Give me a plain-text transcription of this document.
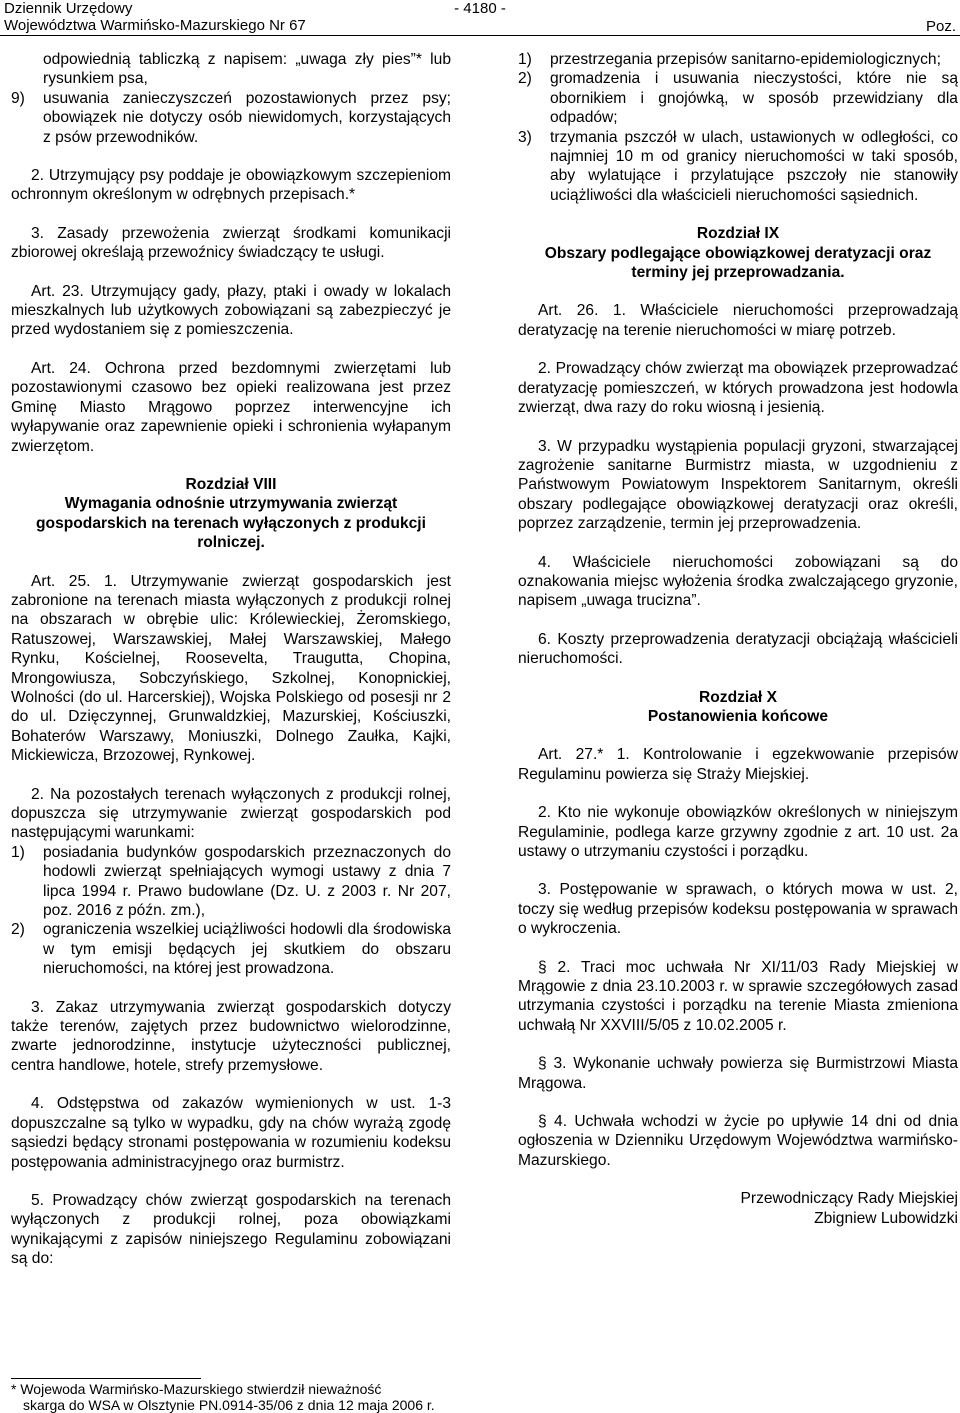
Dziennik Urzędowy
Województwa Warmińsko-Mazurskiego Nr 67
- 4180 -
Poz.

odpowiednią tabliczką z napisem: „uwaga zły pies”* lub rysunkiem psa,

9)	usuwania zanieczyszczeń pozostawionych przez psy; obowiązek nie dotyczy osób niewidomych, korzystających z psów przewodników.

2. Utrzymujący psy poddaje je obowiązkowym szczepieniom ochronnym określonym w odrębnych przepisach.*

3. Zasady przewożenia zwierząt środkami komunikacji zbiorowej określają przewoźnicy świadczący te usługi.

Art. 23. Utrzymujący gady, płazy, ptaki i owady w lokalach mieszkalnych lub użytkowych zobowiązani są zabezpieczyć je przed wydostaniem się z pomieszczenia.

Art. 24. Ochrona przed bezdomnymi zwierzętami lub pozostawionymi czasowo bez opieki realizowana jest przez Gminę Miasto Mrągowo poprzez interwencyjne ich wyłapywanie oraz zapewnienie opieki i schronienia wyłapanym zwierzętom.

Rozdział VIII
Wymagania odnośnie utrzymywania zwierząt gospodarskich na terenach wyłączonych z produkcji rolniczej.

Art. 25. 1. Utrzymywanie zwierząt gospodarskich jest zabronione na terenach miasta wyłączonych z produkcji rolnej na obszarach w obrębie ulic: Królewieckiej, Żeromskiego, Ratuszowej, Warszawskiej, Małej Warszawskiej, Małego Rynku, Kościelnej, Roosevelta, Traugutta, Chopina, Mrongowiusza, Sobczyńskiego, Szkolnej, Konopnickiej, Wolności (do ul. Harcerskiej), Wojska Polskiego od posesji nr 2 do ul. Dzięczynnej, Grunwaldzkiej, Mazurskiej, Kościuszki, Bohaterów Warszawy, Moniuszki, Dolnego Zaułka, Kajki, Mickiewicza, Brzozowej, Rynkowej.

2. Na pozostałych terenach wyłączonych z produkcji rolnej, dopuszcza się utrzymywanie zwierząt gospodarskich pod następującymi warunkami:

1)	posiadania budynków gospodarskich przeznaczonych do hodowli zwierząt spełniających wymogi ustawy z dnia 7 lipca 1994 r. Prawo budowlane (Dz. U. z 2003 r. Nr 207, poz. 2016 z późn. zm.),
2)	ograniczenia wszelkiej uciążliwości hodowli dla środowiska w tym emisji będących jej skutkiem do obszaru nieruchomości, na której jest prowadzona.

3. Zakaz utrzymywania zwierząt gospodarskich dotyczy także terenów, zajętych przez budownictwo wielorodzinne, zwarte jednorodzinne, instytucje użyteczności publicznej, centra handlowe, hotele, strefy przemysłowe.

4. Odstępstwa od zakazów wymienionych w ust. 1-3 dopuszczalne są tylko w wypadku, gdy na chów wyrażą zgodę sąsiedzi będący stronami postępowania w rozumieniu kodeksu postępowania administracyjnego oraz burmistrz.

5. Prowadzący chów zwierząt gospodarskich na terenach wyłączonych z produkcji rolnej, poza obowiązkami wynikającymi z zapisów niniejszego Regulaminu zobowiązani są do:

1)	przestrzegania przepisów sanitarno-epidemiologicznych;
2)	gromadzenia i usuwania nieczystości, które nie są obornikiem i gnojówką, w sposób przewidziany dla odpadów;
3)	trzymania pszczół w ulach, ustawionych w odległości, co najmniej 10 m od granicy nieruchomości w taki sposób, aby wylatujące i przylatujące pszczoły nie stanowiły uciążliwości dla właścicieli nieruchomości sąsiednich.
Rozdział IX
Obszary podlegające obowiązkowej deratyzacji oraz terminy jej przeprowadzania.

Art. 26. 1. Właściciele nieruchomości przeprowadzają deratyzację na terenie nieruchomości w miarę potrzeb.

2. Prowadzący chów zwierząt ma obowiązek przeprowadzać deratyzację pomieszczeń, w których prowadzona jest hodowla zwierząt, dwa razy do roku wiosną i jesienią.

3. W przypadku wystąpienia populacji gryzoni, stwarzającej zagrożenie sanitarne Burmistrz miasta, w uzgodnieniu z Państwowym Powiatowym Inspektorem Sanitarnym, określi obszary podlegające obowiązkowej deratyzacji oraz określi, poprzez zarządzenie, termin jej przeprowadzenia.

4. Właściciele nieruchomości zobowiązani są do oznakowania miejsc wyłożenia środka zwalczającego gryzonie, napisem „uwaga trucizna”.

6. Koszty przeprowadzenia deratyzacji obciążają właścicieli nieruchomości.

Rozdział X
Postanowienia końcowe

Art. 27.* 1. Kontrolowanie i egzekwowanie przepisów Regulaminu powierza się Straży Miejskiej.

2. Kto nie wykonuje obowiązków określonych w niniejszym Regulaminie, podlega karze grzywny zgodnie z art. 10 ust. 2a ustawy o utrzymaniu czystości i porządku.

3. Postępowanie w sprawach, o których mowa w ust. 2, toczy się według przepisów kodeksu postępowania w sprawach o wykroczenia.

§ 2. Traci moc uchwała Nr XI/11/03 Rady Miejskiej w Mrągowie z dnia 23.10.2003 r. w sprawie szczegółowych zasad utrzymania czystości i porządku na terenie Miasta zmieniona uchwałą Nr XXVIII/5/05 z 10.02.2005 r.

§ 3. Wykonanie uchwały powierza się Burmistrzowi Miasta Mrągowa.

§ 4. Uchwała wchodzi w życie po upływie 14 dni od dnia ogłoszenia w Dzienniku Urzędowym Województwa warmińsko-Mazurskiego.

Przewodniczący Rady Miejskiej
Zbigniew Lubowidzki
* Wojewoda Warmińsko-Mazurskiego stwierdził nieważność
skarga do WSA w Olsztynie PN.0914-35/06 z dnia 12 maja 2006 r.
